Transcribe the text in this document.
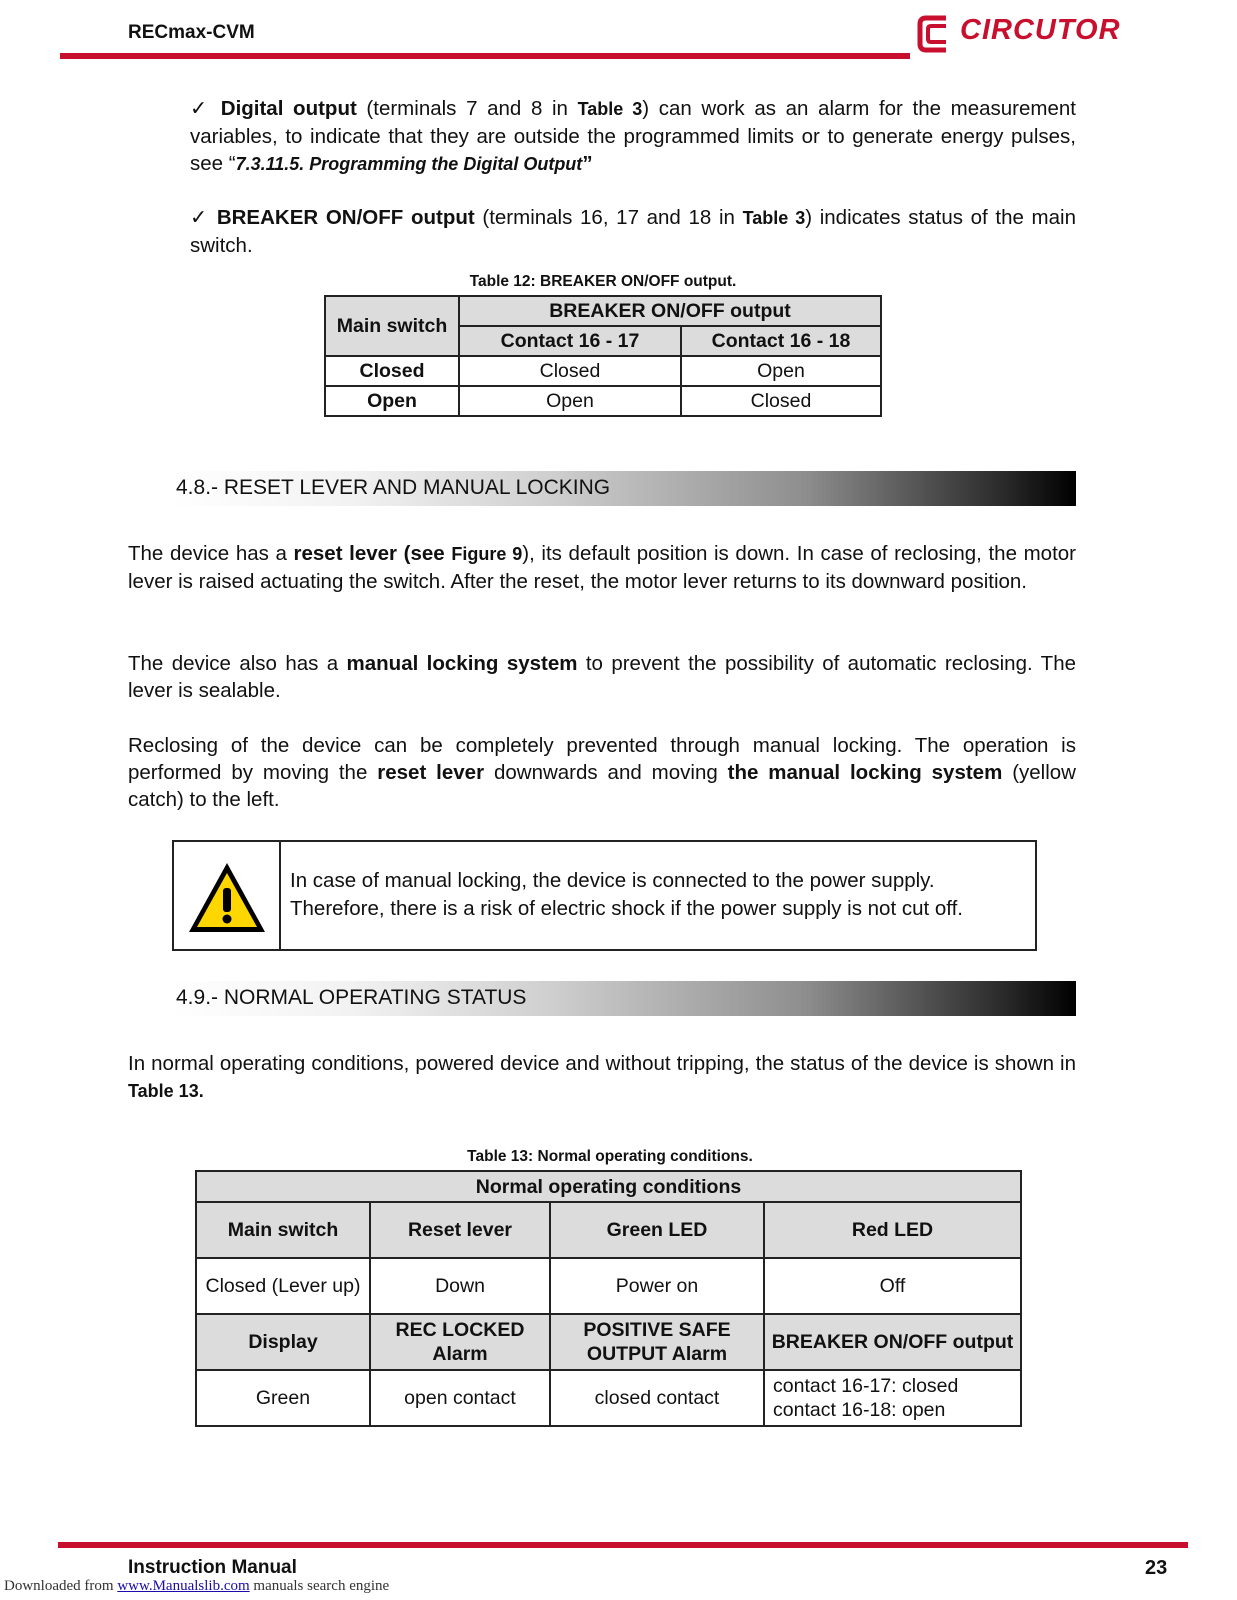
RECmax-CVM	CIRCUTOR
✓ Digital output (terminals 7 and 8 in Table 3) can work as an alarm for the measurement variables, to indicate that they are outside the programmed limits or to generate energy pulses, see “7.3.11.5. Programming the Digital Output”
✓ BREAKER ON/OFF output (terminals 16, 17 and 18 in Table 3) indicates status of the main switch.
Table 12: BREAKER ON/OFF output.
Main switch	BREAKER ON/OFF output	
	Contact 16 - 17	Contact 16 - 18
Closed	Closed	Open
Open	Open	Closed
4.8.- RESET LEVER AND MANUAL LOCKING
The device has a reset lever (see Figure 9), its default position is down. In case of reclosing, the motor lever is raised actuating the switch. After the reset, the motor lever returns to its downward position.
The device also has a manual locking system to prevent the possibility of automatic reclosing. The lever is sealable.
Reclosing of the device can be completely prevented through manual locking. The operation is performed by moving the reset lever downwards and moving the manual locking system (yellow catch) to the left.
In case of manual locking, the device is connected to the power supply. Therefore, there is a risk of electric shock if the power supply is not cut off.
4.9.- NORMAL OPERATING STATUS
In normal operating conditions, powered device and without tripping, the status of the device is shown in Table 13.
Table 13: Normal operating conditions.
Normal operating conditions			
Main switch	Reset lever	Green LED	Red LED
Closed (Lever up)	Down	Power on	Off
Display	REC LOCKED Alarm	POSITIVE SAFE OUTPUT Alarm	BREAKER ON/OFF output
Green	open contact	closed contact	contact 16-17: closed
contact 16-18: open
Instruction Manual	23
Downloaded from www.Manualslib.com manuals search engine
